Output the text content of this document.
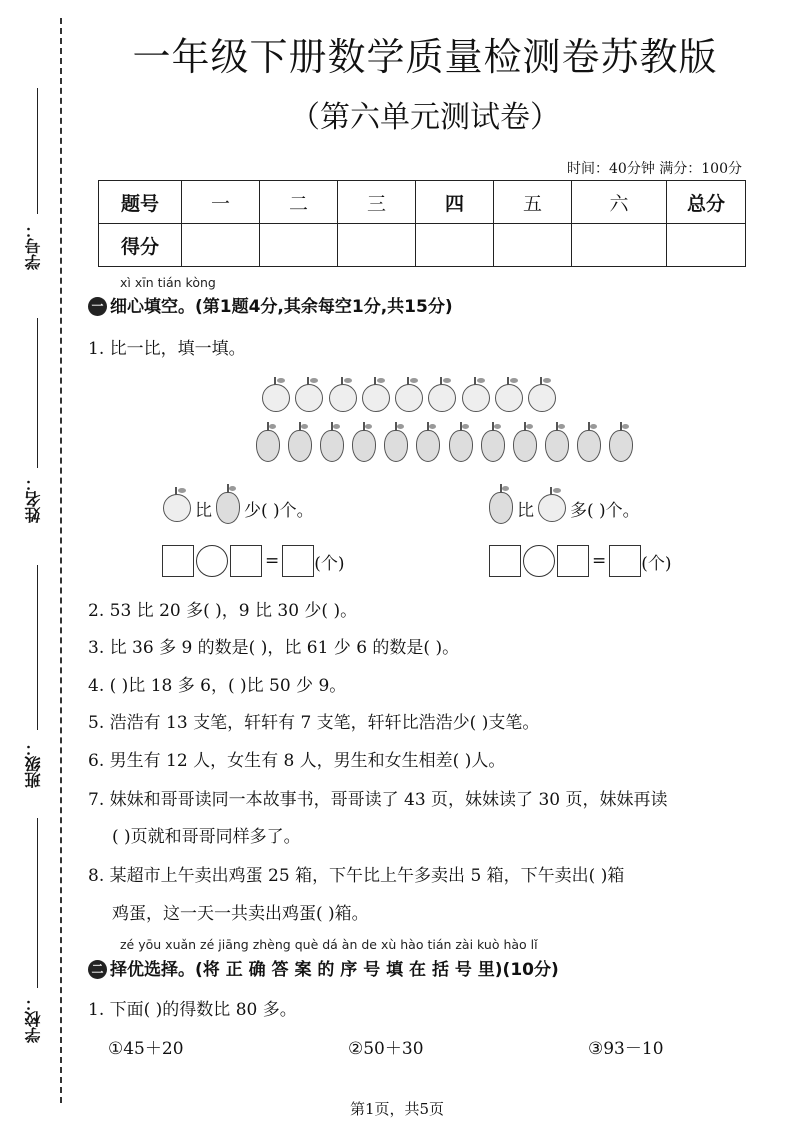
学号：
姓名：
班级：
学校：
一年级下册数学质量检测卷苏教版
（第六单元测试卷）
时间：40分钟 满分：100分
题号	一	二	三	四	五	六	总分
得分							
xì xīn tián kòng
一 细心填空。(第1题4分,其余每空1分,共15分)
1. 比一比，填一填。
比 少( )个。	比 多( )个。
= (个)	= (个)
2. 53 比 20 多( )，9 比 30 少( )。
3. 比 36 多 9 的数是( )，比 61 少 6 的数是( )。
4. ( )比 18 多 6，( )比 50 少 9。
5. 浩浩有 13 支笔，轩轩有 7 支笔，轩轩比浩浩少( )支笔。
6. 男生有 12 人，女生有 8 人，男生和女生相差( )人。
7. 妹妹和哥哥读同一本故事书，哥哥读了 43 页，妹妹读了 30 页，妹妹再读
( )页就和哥哥同样多了。
8. 某超市上午卖出鸡蛋 25 箱，下午比上午多卖出 5 箱，下午卖出( )箱
鸡蛋，这一天一共卖出鸡蛋( )箱。
zé yōu xuǎn zé jiāng zhèng què dá àn de xù hào tián zài kuò hào lǐ
二 择优选择。(将 正 确 答 案 的 序 号 填 在 括 号 里)(10分)
1. 下面( )的得数比 80 多。
①45＋20	②50＋30	③93－10
第1页，共5页
